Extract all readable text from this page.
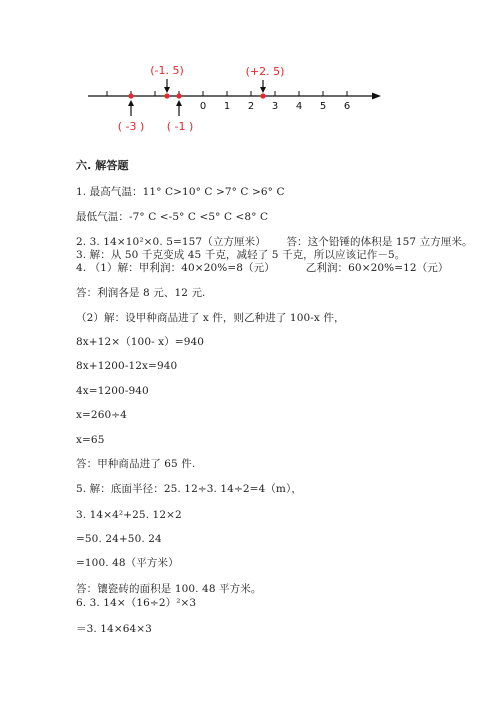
0 1 2 3 4 5 6
(-1. 5)	(+2. 5)
( -3 ) ( -1 )
六. 解答题
1. 最高气温：11° C>10° C >7° C >6° C
最低气温：-7° C <-5° C <5° C <8° C
2. 3. 14×10²×0. 5=157（立方厘米）      答：这个铅锤的体积是 157 立方厘米。
3. 解：从 50 千克变成 45 千克，减轻了 5 千克，所以应该记作－5。
4. （1）解：甲利润：40×20%=8（元）         乙利润：60×20%=12（元）
答：利润各是 8 元、12 元.
（2）解：设甲种商品进了 x 件，则乙种进了 100-x 件，
8x+12×（100- x）=940
8x+1200-12x=940
4x=1200-940
x=260÷4
x=65
答：甲种商品进了 65 件.
5. 解：底面半径：25. 12÷3. 14÷2=4（m），
3. 14×4²+25. 12×2
=50. 24+50. 24
=100. 48（平方米）
答：镶瓷砖的面积是 100. 48 平方米。
6. 3. 14×（16÷2）²×3
＝3. 14×64×3
